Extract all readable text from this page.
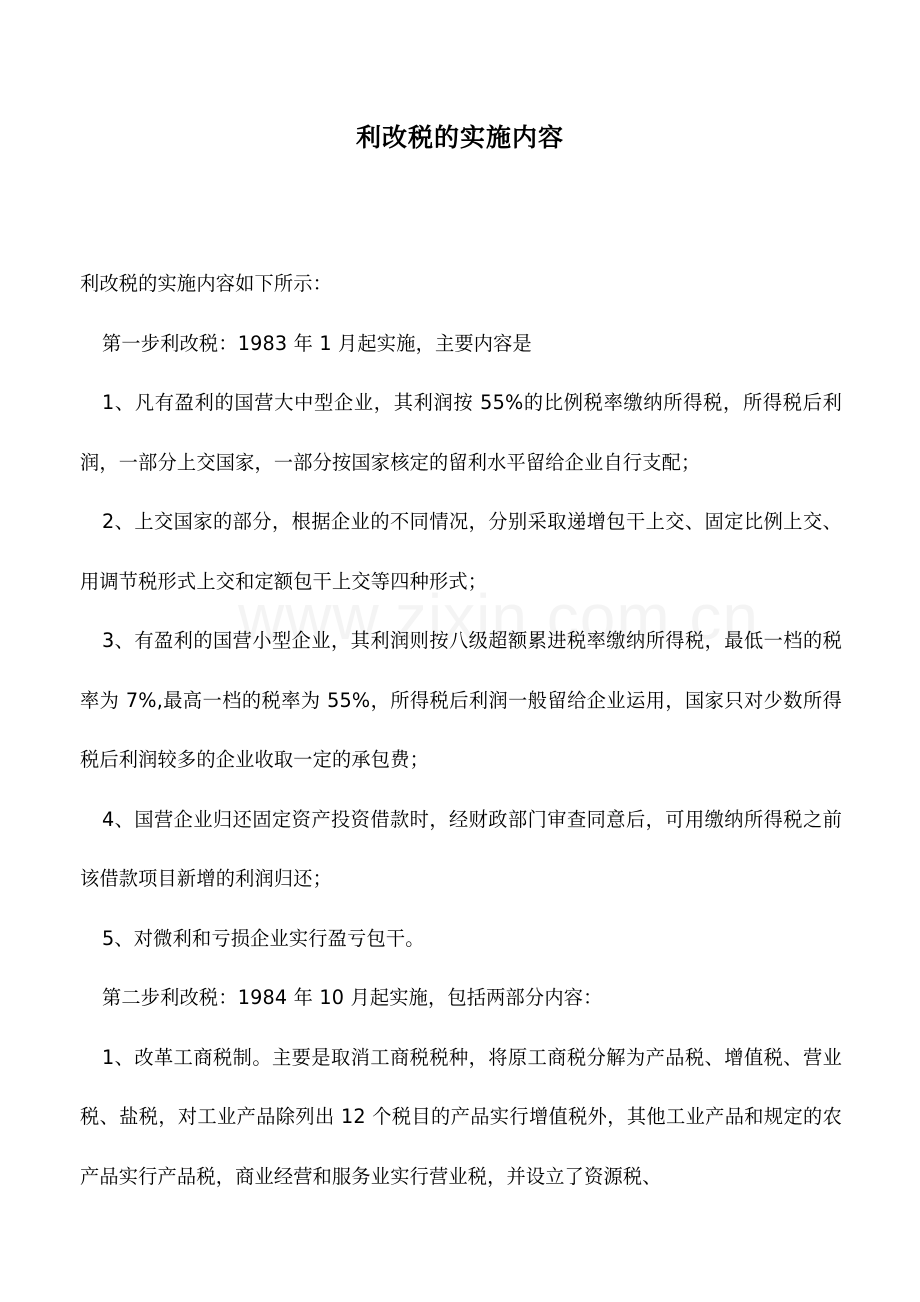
利改税的实施内容

利改税的实施内容如下所示：

第一步利改税：1983 年 1 月起实施，主要内容是

1、凡有盈利的国营大中型企业，其利润按 55%的比例税率缴纳所得税，所得税后利润，一部分上交国家，一部分按国家核定的留利水平留给企业自行支配；

2、上交国家的部分，根据企业的不同情况，分别采取递增包干上交、固定比例上交、用调节税形式上交和定额包干上交等四种形式；

3、有盈利的国营小型企业，其利润则按八级超额累进税率缴纳所得税，最低一档的税率为 7%,最高一档的税率为 55%，所得税后利润一般留给企业运用，国家只对少数所得税后利润较多的企业收取一定的承包费；

4、国营企业归还固定资产投资借款时，经财政部门审查同意后，可用缴纳所得税之前该借款项目新增的利润归还；

5、对微利和亏损企业实行盈亏包干。

第二步利改税：1984 年 10 月起实施，包括两部分内容：

1、改革工商税制。主要是取消工商税税种，将原工商税分解为产品税、增值税、营业税、盐税，对工业产品除列出 12 个税目的产品实行增值税外，其他工业产品和规定的农产品实行产品税，商业经营和服务业实行营业税，并设立了资源税、
